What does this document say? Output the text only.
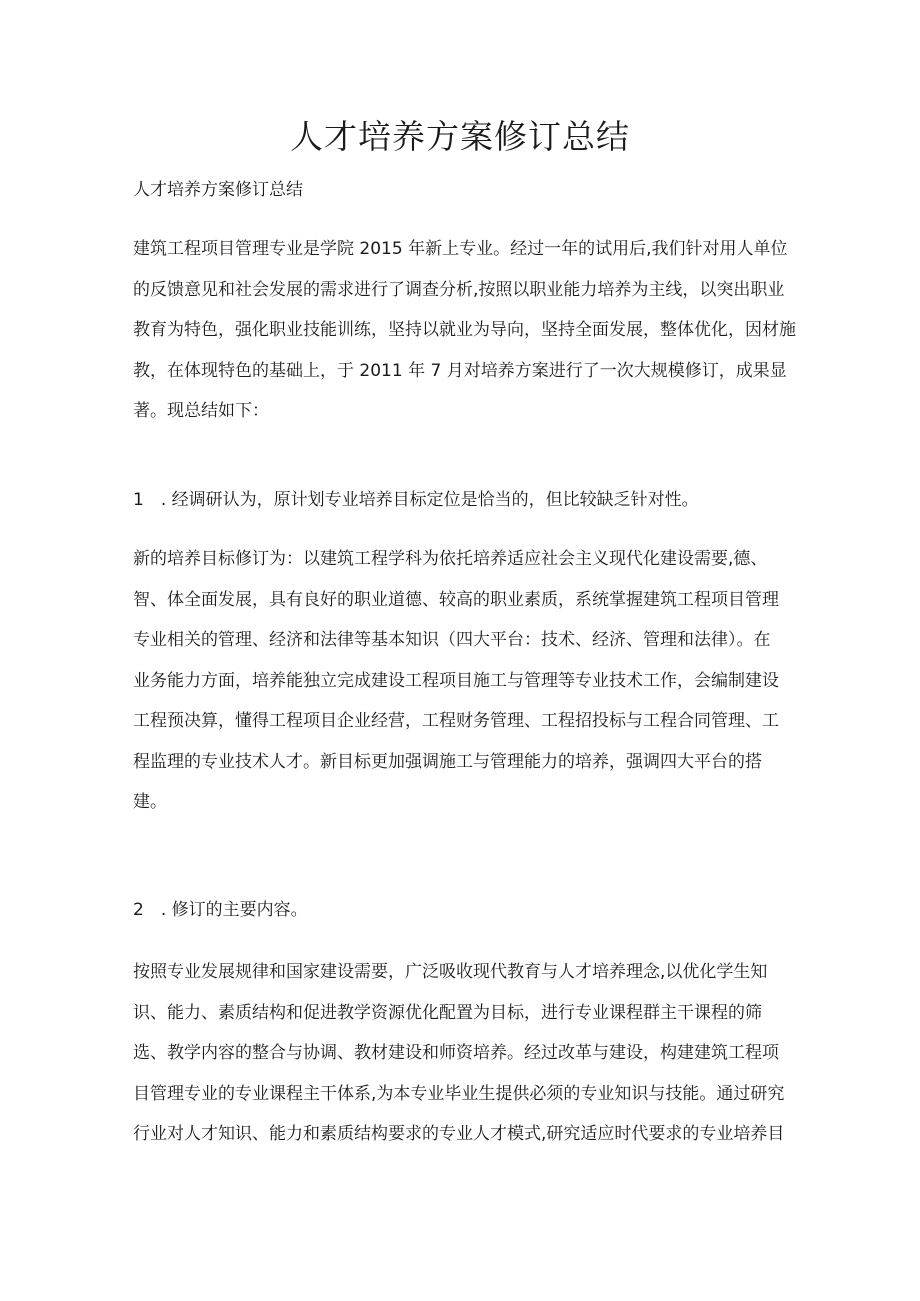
人才培养方案修订总结

人才培养方案修订总结

建筑工程项目管理专业是学院 2015 年新上专业。经过一年的试用后,我们针对用人单位
的反馈意见和社会发展的需求进行了调查分析,按照以职业能力培养为主线，以突出职业
教育为特色，强化职业技能训练，坚持以就业为导向，坚持全面发展，整体优化，因材施
教，在体现特色的基础上，于 2011 年 7 月对培养方案进行了一次大规模修订，成果显
著。现总结如下：

1　. 经调研认为，原计划专业培养目标定位是恰当的，但比较缺乏针对性。

新的培养目标修订为：以建筑工程学科为依托培养适应社会主义现代化建设需要,德、
智、体全面发展，具有良好的职业道德、较高的职业素质，系统掌握建筑工程项目管理
专业相关的管理、经济和法律等基本知识（四大平台：技术、经济、管理和法律）。在
业务能力方面，培养能独立完成建设工程项目施工与管理等专业技术工作，会编制建设
工程预决算，懂得工程项目企业经营，工程财务管理、工程招投标与工程合同管理、工
程监理的专业技术人才。新目标更加强调施工与管理能力的培养，强调四大平台的搭
建。

2　. 修订的主要内容。

按照专业发展规律和国家建设需要，广泛吸收现代教育与人才培养理念,以优化学生知
识、能力、素质结构和促进教学资源优化配置为目标，进行专业课程群主干课程的筛
选、教学内容的整合与协调、教材建设和师资培养。经过改革与建设，构建建筑工程项
目管理专业的专业课程主干体系,为本专业毕业生提供必须的专业知识与技能。通过研究
行业对人才知识、能力和素质结构要求的专业人才模式,研究适应时代要求的专业培养目
